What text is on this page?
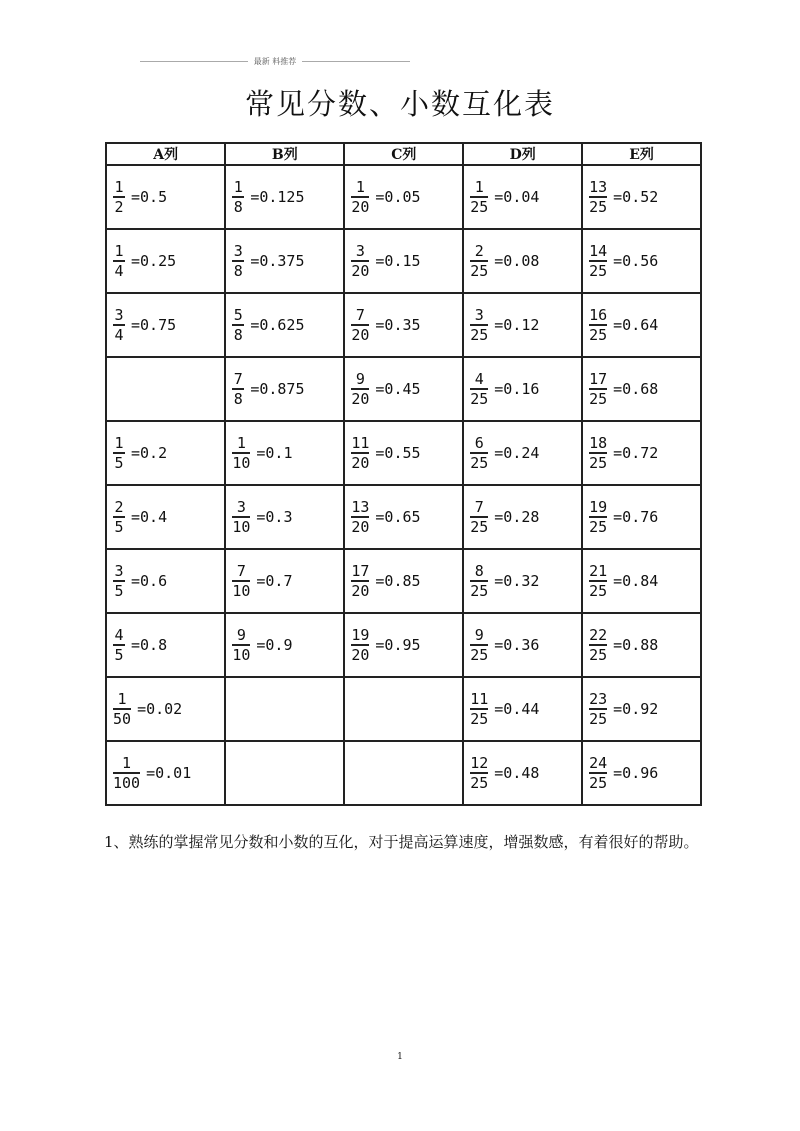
最新 料推荐
常见分数、小数互化表
A列	B列	C列	D列	E列

$\frac{1}{2} =0.5$	$\frac{1}{8} =0.125$	$\frac{1}{20} =0.05$	$\frac{1}{25} =0.04$	$\frac{13}{25} =0.52$

$\frac{1}{4} =0.25$	$\frac{3}{8} =0.375$	$\frac{3}{20} =0.15$	$\frac{2}{25} =0.08$	$\frac{14}{25} =0.56$

$\frac{3}{4} =0.75$	$\frac{5}{8} =0.625$	$\frac{7}{20} =0.35$	$\frac{3}{25} =0.12$	$\frac{16}{25} =0.64$

	$\frac{7}{8} =0.875$	$\frac{9}{20} =0.45$	$\frac{4}{25} =0.16$	$\frac{17}{25} =0.68$

$\frac{1}{5} =0.2$	$\frac{1}{10} =0.1$	$\frac{11}{20} =0.55$	$\frac{6}{25} =0.24$	$\frac{18}{25} =0.72$

$\frac{2}{5} =0.4$	$\frac{3}{10} =0.3$	$\frac{13}{20} =0.65$	$\frac{7}{25} =0.28$	$\frac{19}{25} =0.76$

$\frac{3}{5} =0.6$	$\frac{7}{10} =0.7$	$\frac{17}{20} =0.85$	$\frac{8}{25} =0.32$	$\frac{21}{25} =0.84$

$\frac{4}{5} =0.8$	$\frac{9}{10} =0.9$	$\frac{19}{20} =0.95$	$\frac{9}{25} =0.36$	$\frac{22}{25} =0.88$

$\frac{1}{50} =0.02$			$\frac{11}{25} =0.44$	$\frac{23}{25} =0.92$

$\frac{1}{100} =0.01$			$\frac{12}{25} =0.48$	$\frac{24}{25} =0.96$
1、熟练的掌握常见分数和小数的互化，对于提高运算速度，增强数感，有着很好的帮助。
1
